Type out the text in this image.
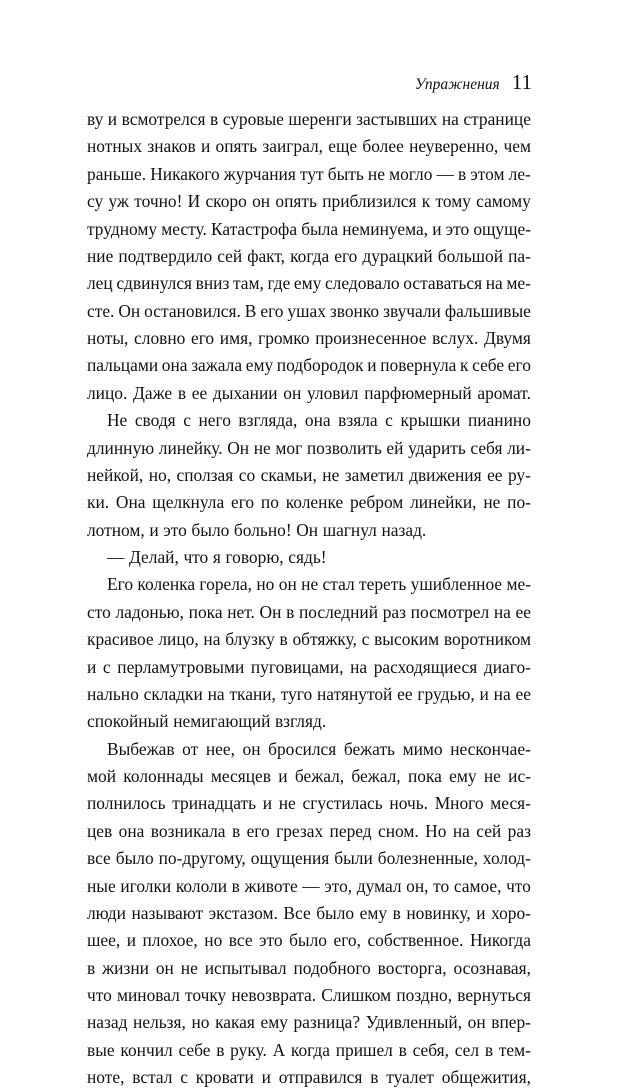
Упражнения 11
ву и всмотрелся в суровые шеренги застывших на странице
нотных знаков и опять заиграл, еще более неуверенно, чем
раньше. Никакого журчания тут быть не могло — в этом ле-
су уж точно! И скоро он опять приблизился к тому самому
трудному месту. Катастрофа была неминуема, и это ощуще-
ние подтвердило сей факт, когда его дурацкий большой па-
лец сдвинулся вниз там, где ему следовало оставаться на ме-
сте. Он остановился. В его ушах звонко звучали фальшивые
ноты, словно его имя, громко произнесенное вслух. Двумя
пальцами она зажала ему подбородок и повернула к себе его
лицо. Даже в ее дыхании он уловил парфюмерный аромат.
Не сводя с него взгляда, она взяла с крышки пианино
длинную линейку. Он не мог позволить ей ударить себя ли-
нейкой, но, сползая со скамьи, не заметил движения ее ру-
ки. Она щелкнула его по коленке ребром линейки, не по-
лотном, и это было больно! Он шагнул назад.
— Делай, что я говорю, сядь!
Его коленка горела, но он не стал тереть ушибленное ме-
сто ладонью, пока нет. Он в последний раз посмотрел на ее
красивое лицо, на блузку в обтяжку, с высоким воротником
и с перламутровыми пуговицами, на расходящиеся диаго-
нально складки на ткани, туго натянутой ее грудью, и на ее
спокойный немигающий взгляд.
Выбежав от нее, он бросился бежать мимо нескончае-
мой колоннады месяцев и бежал, бежал, пока ему не ис-
полнилось тринадцать и не сгустилась ночь. Много меся-
цев она возникала в его грезах перед сном. Но на сей раз
все было по-другому, ощущения были болезненные, холод-
ные иголки кололи в животе — это, думал он, то самое, что
люди называют экстазом. Все было ему в новинку, и хоро-
шее, и плохое, но все это было его, собственное. Никогда
в жизни он не испытывал подобного восторга, осознавая,
что миновал точку невозврата. Слишком поздно, вернуться
назад нельзя, но какая ему разница? Удивленный, он впер-
вые кончил себе в руку. А когда пришел в себя, сел в тем-
ноте, встал с кровати и отправился в туалет общежития,
